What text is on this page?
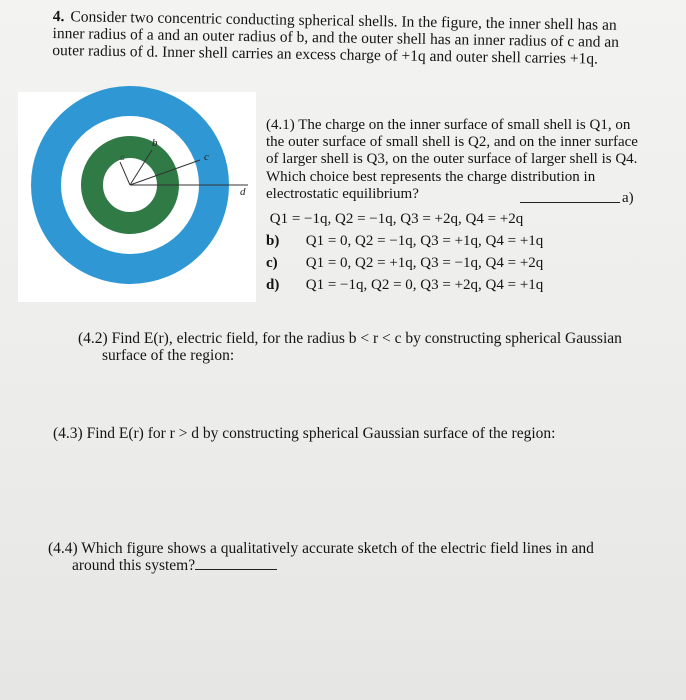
4. Consider two concentric conducting spherical shells. In the figure, the inner shell has an inner radius of a and an outer radius of b, and the outer shell has an inner radius of c and an outer radius of d. Inner shell carries an excess charge of +1q and outer shell carries +1q.
a
b
c
d
(4.1) The charge on the inner surface of small shell is Q1, on the outer surface of small shell is Q2, and on the inner surface of larger shell is Q3, on the outer surface of larger shell is Q4. Which choice best represents the charge distribution in electrostatic equilibrium?	a)
Q1 = −1q, Q2 = −1q, Q3 = +2q, Q4 = +2q
b) Q1 = 0, Q2 = −1q, Q3 = +1q, Q4 = +1q
c) Q1 = 0, Q2 = +1q, Q3 = −1q, Q4 = +2q
d) Q1 = −1q, Q2 = 0, Q3 = +2q, Q4 = +1q
(4.2) Find E(r), electric field, for the radius b < r < c by constructing spherical Gaussian
surface of the region:
(4.3) Find E(r) for r > d by constructing spherical Gaussian surface of the region:
(4.4) Which figure shows a qualitatively accurate sketch of the electric field lines in and
around this system?
